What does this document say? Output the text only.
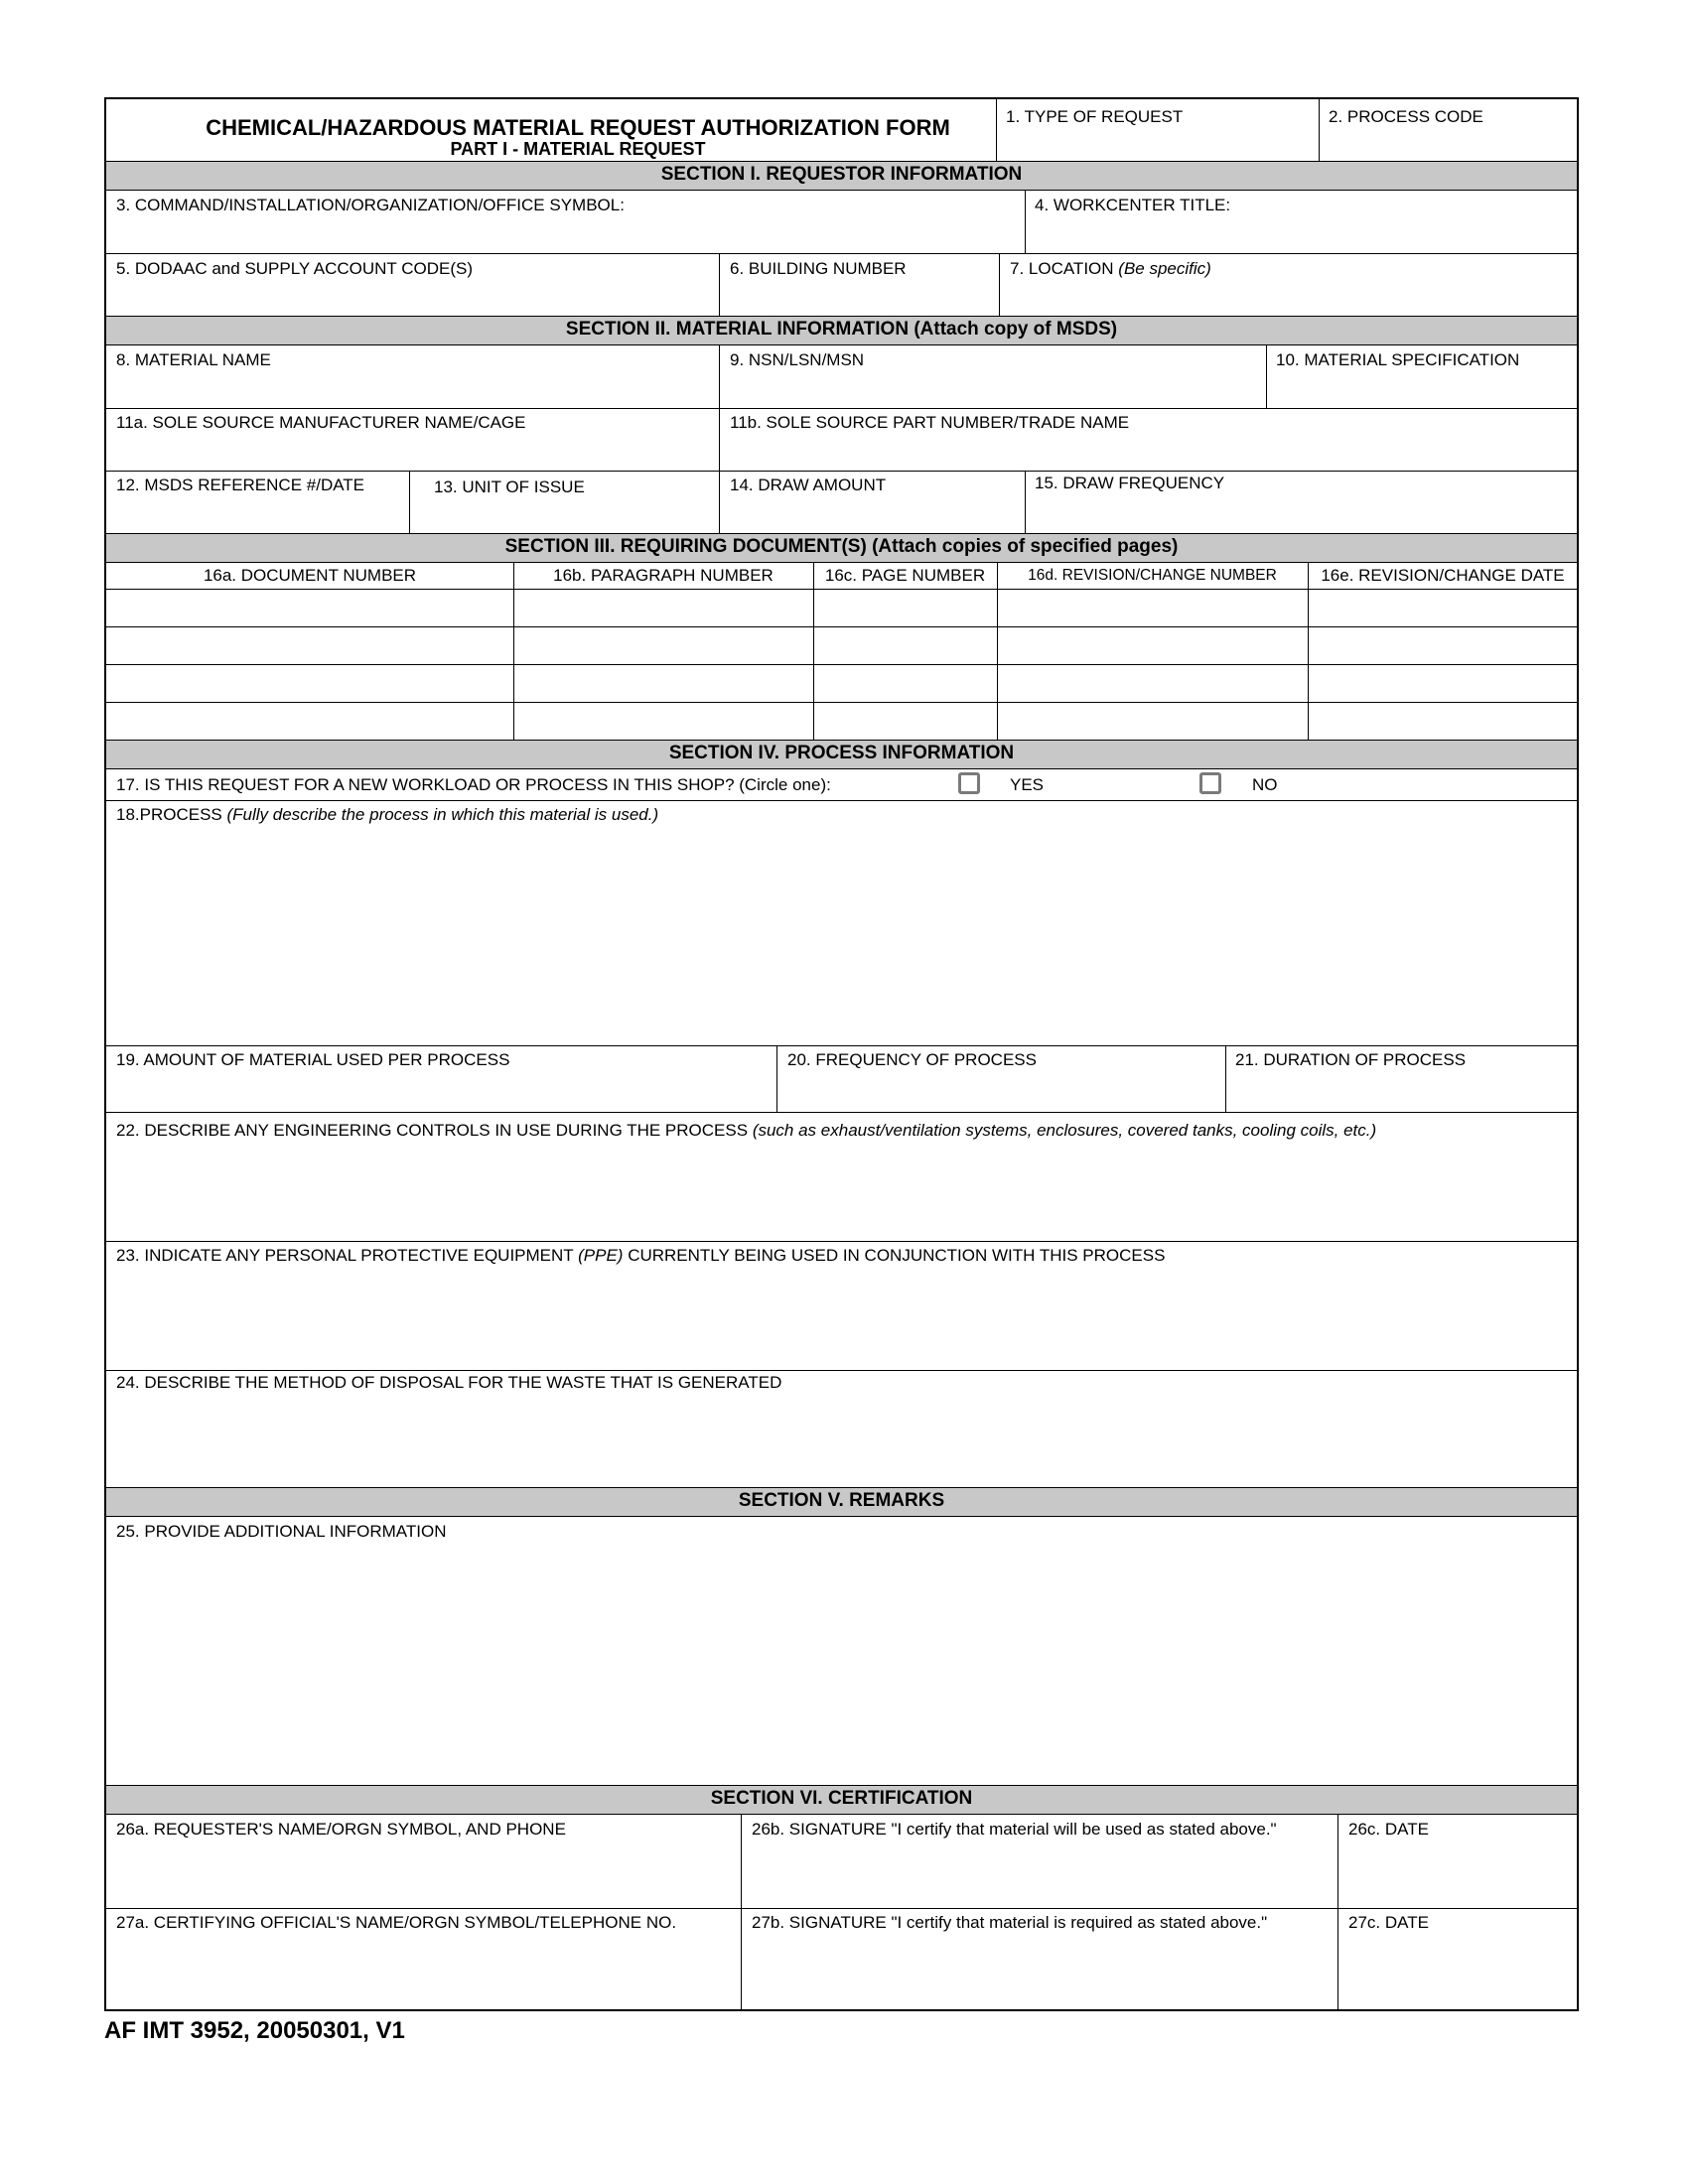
CHEMICAL/HAZARDOUS MATERIAL REQUEST AUTHORIZATION FORM
PART I - MATERIAL REQUEST
1. TYPE OF REQUEST	2. PROCESS CODE
SECTION I. REQUESTOR INFORMATION
3. COMMAND/INSTALLATION/ORGANIZATION/OFFICE SYMBOL:	4. WORKCENTER TITLE:
5. DODAAC and SUPPLY ACCOUNT CODE(S)	6. BUILDING NUMBER	7. LOCATION (Be specific)
SECTION II. MATERIAL INFORMATION (Attach copy of MSDS)
8. MATERIAL NAME	9. NSN/LSN/MSN	10. MATERIAL SPECIFICATION
11a. SOLE SOURCE MANUFACTURER NAME/CAGE	11b. SOLE SOURCE PART NUMBER/TRADE NAME
12. MSDS REFERENCE #/DATE	13. UNIT OF ISSUE	14. DRAW AMOUNT	15. DRAW FREQUENCY
SECTION III. REQUIRING DOCUMENT(S) (Attach copies of specified pages)
16a. DOCUMENT NUMBER	16b. PARAGRAPH NUMBER	16c. PAGE NUMBER	16d. REVISION/CHANGE NUMBER	16e. REVISION/CHANGE DATE
SECTION IV. PROCESS INFORMATION
17. IS THIS REQUEST FOR A NEW WORKLOAD OR PROCESS IN THIS SHOP? (Circle one):	YES	NO
18.PROCESS (Fully describe the process in which this material is used.)
19. AMOUNT OF MATERIAL USED PER PROCESS	20. FREQUENCY OF PROCESS	21. DURATION OF PROCESS
22. DESCRIBE ANY ENGINEERING CONTROLS IN USE DURING THE PROCESS (such as exhaust/ventilation systems, enclosures, covered tanks, cooling coils, etc.)
23. INDICATE ANY PERSONAL PROTECTIVE EQUIPMENT (PPE) CURRENTLY BEING USED IN CONJUNCTION WITH THIS PROCESS
24. DESCRIBE THE METHOD OF DISPOSAL FOR THE WASTE THAT IS GENERATED
SECTION V. REMARKS
25. PROVIDE ADDITIONAL INFORMATION
SECTION VI. CERTIFICATION
26a. REQUESTER'S NAME/ORGN SYMBOL, AND PHONE	26b. SIGNATURE "I certify that material will be used as stated above."	26c. DATE
27a. CERTIFYING OFFICIAL'S NAME/ORGN SYMBOL/TELEPHONE NO.	27b. SIGNATURE "I certify that material is required as stated above."	27c. DATE
AF IMT 3952, 20050301, V1
